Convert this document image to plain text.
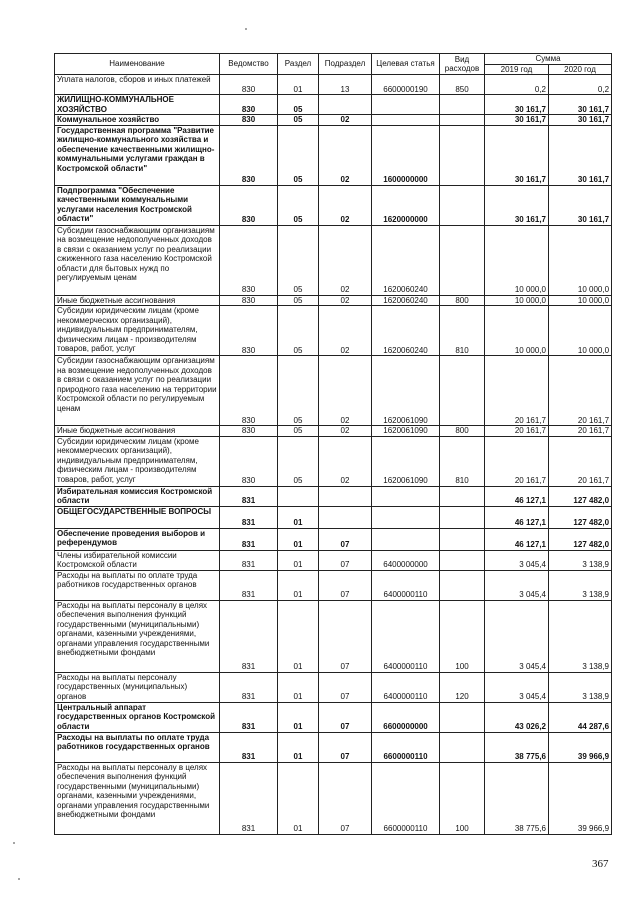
Наименование	Ведомство	Раздел	Подраздел	Целевая статья	Вид расходов	Сумма	
						2019 год	2020 год
Уплата налогов, сборов и иных платежей	830	01	13	6600000190	850	0,2	0,2
ЖИЛИЩНО-КОММУНАЛЬНОЕ ХОЗЯЙСТВО	830	05				30 161,7	30 161,7
Коммунальное хозяйство	830	05	02			30 161,7	30 161,7
Государственная программа "Развитие жилищно-коммунального хозяйства и обеспечение качественными жилищно-коммунальными услугами граждан в Костромской области"	830	05	02	1600000000		30 161,7	30 161,7
Подпрограмма "Обеспечение качественными коммунальными услугами населения Костромской области"	830	05	02	1620000000		30 161,7	30 161,7
Субсидии газоснабжающим организациям на возмещение недополученных доходов в связи с оказанием услуг по реализации сжиженного газа населению Костромской области для бытовых нужд по регулируемым ценам	830	05	02	1620060240		10 000,0	10 000,0
Иные бюджетные ассигнования	830	05	02	1620060240	800	10 000,0	10 000,0
Субсидии юридическим лицам (кроме некоммерческих организаций), индивидуальным предпринимателям, физическим лицам - производителям товаров, работ, услуг	830	05	02	1620060240	810	10 000,0	10 000,0
Субсидии газоснабжающим организациям на возмещение недополученных доходов в связи с оказанием услуг по реализации природного газа населению на территории Костромской области по регулируемым ценам	830	05	02	1620061090		20 161,7	20 161,7
Иные бюджетные ассигнования	830	05	02	1620061090	800	20 161,7	20 161,7
Субсидии юридическим лицам (кроме некоммерческих организаций), индивидуальным предпринимателям, физическим лицам - производителям товаров, работ, услуг	830	05	02	1620061090	810	20 161,7	20 161,7
Избирательная комиссия Костромской области	831					46 127,1	127 482,0
ОБЩЕГОСУДАРСТВЕННЫЕ ВОПРОСЫ	831	01				46 127,1	127 482,0
Обеспечение проведения выборов и референдумов	831	01	07			46 127,1	127 482,0
Члены избирательной комиссии Костромской области	831	01	07	6400000000		3 045,4	3 138,9
Расходы на выплаты по оплате труда работников государственных органов	831	01	07	6400000110		3 045,4	3 138,9
Расходы на выплаты персоналу в целях обеспечения выполнения функций государственными (муниципальными) органами, казенными учреждениями, органами управления государственными внебюджетными фондами	831	01	07	6400000110	100	3 045,4	3 138,9
Расходы на выплаты персоналу государственных (муниципальных) органов	831	01	07	6400000110	120	3 045,4	3 138,9
Центральный аппарат государственных органов Костромской области	831	01	07	6600000000		43 026,2	44 287,6
Расходы на выплаты по оплате труда работников государственных органов	831	01	07	6600000110		38 775,6	39 966,9
Расходы на выплаты персоналу в целях обеспечения выполнения функций государственными (муниципальными) органами, казенными учреждениями, органами управления государственными внебюджетными фондами	831	01	07	6600000110	100	38 775,6	39 966,9
367
